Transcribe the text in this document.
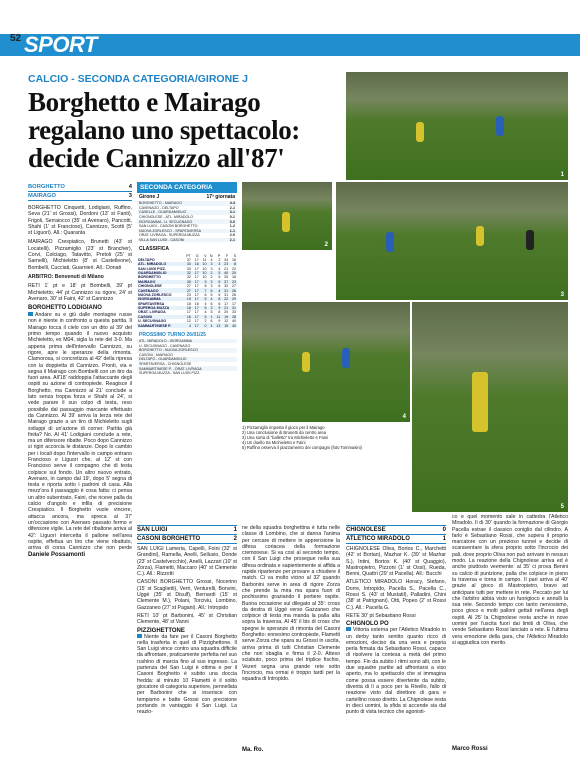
52 SPORT
CALCIO - SECONDA CATEGORIA/GIRONE J
Borghetto e Mairago regalano uno spettacolo: decide Cannizzo all'87'
1
2
3
4
5
BORGHETTO	4
MAIRAGO	3
BORGHETTO Cinquetti, Lodigiani, Ruffino, Seva (21' st Grossi), Dordoni (13' st Fanti), Frigoli, Serraiocco (35' st Avenaro), Pancotti, Shahi (1' st Francioso), Cannizzo, Scotti (5' st Liguori). All.: Quaranta
MAIRAGO Crespiatico, Brunetti (43' st Locatelli), Pizzamiglio (23' st Brancher), Corvi, Colciago, Tatavitto, Pretoli (25' st Sarnelli), Michieletto (8' st Castelleone), Bombelli, Cucciati, Guarnieri. All.: Donati
ARBITRO: Benvenuti di Milano
RETI 1' pt e 18' pt Bombelli, 39' pt Michieletto, 44' pt Cannizzo su rigore, 24' st Avenaro, 30' st Faini, 42' st Cannizzo
BORGHETTO LODIGIANO
Andare su e giù dalle montagne russe non è niente in confronto a questa partita. Il Mairago tocca il cielo con un dito al 39' del primo tempo quando il nuovo acquisto Michieletto, ex M04, sigla la rete del 3-0. Ma appena prima dell'intervallo Cannizzo, su rigore, apre le speranze della rimonta. Clamorosa, si concretizza al 42' della ripresa con la doppietta di Cannizzo. Pronti, via e segna il Mairago con Bombelli con un tiro da fuori area. All'18' raddoppia l'attaccante degli ospiti su azione di contropiede. Reagisce il Borghetto, ma Cannizzo al 21' conclude a lato senza troppa forza e Shahi al 24', si vede parare il suo colpo di testa, reso possibile dal passaggio marcante effettuato da Cannizzo. Al 39' arriva la terza rete del Mairago grazie a un tiro di Michieletto sugli sviluppi di un'azione di corner. Partita già finita? No. Al 41' Lodigiani conclude a rete, ma un difensore ribatte. Poco dopo Cannizzo si rigiri accorcia le distanze. Dopo lo cambio per i locali dopo l'intervallo in campo entrano Francioso e Liguori che, al 12' st con Francioso serve il compagno che di testa colpisce sul fondo. Un altro nuovo entrato, Avenaro, in campo dal 19', dopo 5' segna di testa e riporta sotto i padroni di casa. Alla mezz'ora il passaggio è cosa fatta: ci pensa un altro subentrato, Faini, che riceve palla da calcio d'angolo e infila di precisione Crespiatico. Il Borghetto vuole vincere, attacca ancora, ma spreca al 37' un'occasione con Avenaro passato fermo e difensore vigile. La rete del ribaltone arriva al 42': Liguori intercetta il pallone nell'area ospite, effettua un tiro che viene ribattuto, arriva di corsa Cannizzo che non perde
Daniele Possamonti
SECONDA CATEGORIA
Girone J	17ª giornata
BORGHETTO - MAIRAGO	4-3
CAVENAGO - DELTAPO	2-1
CASELLE - GUARDAMIGLIO	3-1
CHIGNOLESE - ATL. MIRADOLO	0-1
ISORGAMMA - U. SECUGNAGO	0-0
SAN LUIGI - CASONI BORGHETTO	1-2
NUOVA ZORLESCO - SPARTAVERSA	1-1
ORAT. LIVRAGA - SUPERGA MUZZA	2-0
VILLA SAN LUIGI - CASONI	2-1
CLASSIFICA
	PT	G	V	N	P	F	S
DELTAPO	37	17	11	4	2	34	16
ATL. MIRADOLO	33	16	10	3	3	23	8
SAN LUIGI PIZZ.	33	17	10	3	4	21	22
GUARDAMIGLIO	32	17	10	2	5	40	20
BORGHETTO	32	17	10	2	5	25	16
MAIRAGO	30	17	9	3	5	37	23
CHIGNOLESE	27	17	8	3	6	32	27
CAVENAGO	27	17	7	6	4	31	26
NUOVA ZORLESCO	23	17	6	5	6	31	26
ISORGAMMA	19	17	5	4	8	22	29
SPARTAVERSA	18	16	4	6	6	17	17
SUPERGA MUZZA	18	17	5	3	9	21	31
ORAT. LIVRAGA	17	17	4	5	8	20	33
CASONI	16	17	5	1	11	19	28
U. SECUGNAGO	12	17	2	6	9	12	40
SAMMARTINESE P.	4	17	0	4	13	15	40
PROSSIMO TURNO 26/01/25
ATL. MIRADOLO - ISORGAMMA
U. SECUGNAGO - CAVENAGO
BORGHETTO - NUOVA ZORLESCO
CASONI - MAIRAGO
DELTAPO - GUARDAMIGLIO
SPARTAVERSA - CHIGNOLESE
SAMMARTINESE P. - ORAT. LIVRAGA
SUPERGA MUZZA - SAN LUIGI PIZZ.
1) Pizzamiglio imposta il gioco per il Mairago
2) Una conclusione di Brunetti da centro area
3) Una sorta di "balletto" tra Michieletto e Faini
4) Un duello tra Michieletto e Faini
5) Ruffino osserva il piazzamento dei compagni (foto Tommasini)
SAN LUIGI	1
CASONI BORGHETTO	2
SAN LUIGI Lameria, Capelli, Foini (32' st Grandini), Ramella, Anelli, Sellusio, Donde (23' st Castelvecchio), Anelli, Lazzari (10' st Zorza), Flametti, Maccaro (40' st Clemente C.). All.: Rizzotti
CASONI BORGHETTO Grossi, Nocerino (15' st Scaglietti), Verri, Venturelli, Bonvini, Uggè (35' st Disulf), Bernardi (15' st Clemente M.), Polani, Torciviu, Lombino, Gazzaneo (27' st Pagani). All.: Intropido
RETI 10' pt Barbonini, 45' st Christian Clemente, 48' st Vanni
PIZZIGHETTONE
Niente da fare per il Casoni Borghetto nella trasferta in quel di Pizzighettone. Il San Luigi vince contro una squadra difficile da affrontare, praticamente perfetta nel suo rushino di marcia fino al suo ingresso. La partenza del San Luigi è ottima e per il Casoni Borghetto è subito una doccia fredda: al minuto 10 Flametti è il solito giocatore di categoria superiore, pennellata per Barbonini che si inserisce con tempismo e batte Grossi con precisione portando in vantaggio il San Luigi. La reazio-
ne della squadra borghettina è tutta nelle classe di Lombino, che si danna l'anima per cercare di mettere in apprensione la difesa coriacea della formazione cremonese. Si va così al secondo tempo, con il San Luigi che prosegue nella sua difesa ordinata e sapientemente si affida a rapide ripartenze per provare a chiudere il match. Ci va molto vicino al 32' quando Barbonini serve in area di rigore Zorza che prende la mira ma spara fuori di pochissimo graziando il portiere ospite. Buona occasione sul dilegato al 35': cross da destra di Uggè verso Gazzaneo che colpisce di testa ma manda la palla alta sopra la traversa. Al 45' il bis di cross che spegne le speranze di rimonta del Casoni Borghetto: ennesimo contropiede, Flametti serve Zorza che spara su Grossi in uscita, arriva prima di tutti Christian Clemente che non sbaglia e firma il 2-0. Atteso sciabuto, poco prima del triplice fischio, Vezeri segna una grande rete sotto l'incrocio, ma ormai è troppo tardi per la squadra di Intropido.
Ma. Ro.
CHIGNOLESE	0
ATLETICO MIRADOLO	1
CHIGNOLESE Oliva, Bortos C., Marchetti (42' st Bortan), Mazhar K. (39' st Mazhar S.), Intini, Bortos K. (40' st Quaggio), Mastropietro, Pizzoni (1' st Ossi), Rueda, Benni, Quattri (29' st Pacella). All.: Bucchi
ATLETICO MIRADOLO Horacy, Stefano, Dorre, Intropido, Pacella S., Pacella C., Rossi S. (43' st Mustatil), Palladini, Chini (38' st Patrignani), Otti, Popeo (2' st Rossi C.). All.: Pacella G.
RETE 30' pt Sebastiano Rossi
CHIGNOLO PO
Vittoria esterna per l'Atletico Miradolo in un derby tanto sentito quanto ricco di emozioni, deciso da una vera e propria perla firmata da Sebastiano Rossi, capace di risolvere la contesa a metà del primo tempo. Fin da subito i ritmi sono alti, con le due squadre partite ad affrontarsi a viso aperto, ma lo spettacolo che si immagina come possa essere divertente da subito, diventa di lì a poco per la Rivello, fallo di reazione visto dal direttore di gara e cartellino rosso diretto. La Chignolese resta in dieci uomini, la sfida si accende sia dal punto di vista tecnico che agonisti-
co e quel momento sale in cattedra l'Atletico Miradolo. Il di 30' quando la formazione di Giorgio Pacella estrae il classico coniglio dal cilindro. A farlo è Sebastiano Rossi, che supera il proprio marcatore con un prezioso tunnel e decide di scaraventare la sfera proprio sotto l'incrocio dei pali, dove proprio Oliva non può arrivare in nessun modo. La reazione della Chignolese arriva ed è anche piuttosto veemente: al 35' ci prova Benini su calcio di punizione, palla che colpisce in pieno la traversa e torna in campo. Il pari arriva al 40' grazie al gioco di Mastropietro, bravo ad anticipare tutti per mettere in rete. Peccato per lui che l'arbitro abbia visto un fuorigioco e annulli la sua rete. Secondo tempo con tanto nervosismo, poco gioco e molti palloni gettati nell'area degli ospiti. Al 25' la Chignolese resta anche in nove uomini per l'uscita fuori dai limiti di Oliva, che vende Sebastiano Rossi lanciato a rete. E l'ultima vera emozione della gara, che l'Atletico Miradolo si aggiudica con merito.
Marco Rossi
